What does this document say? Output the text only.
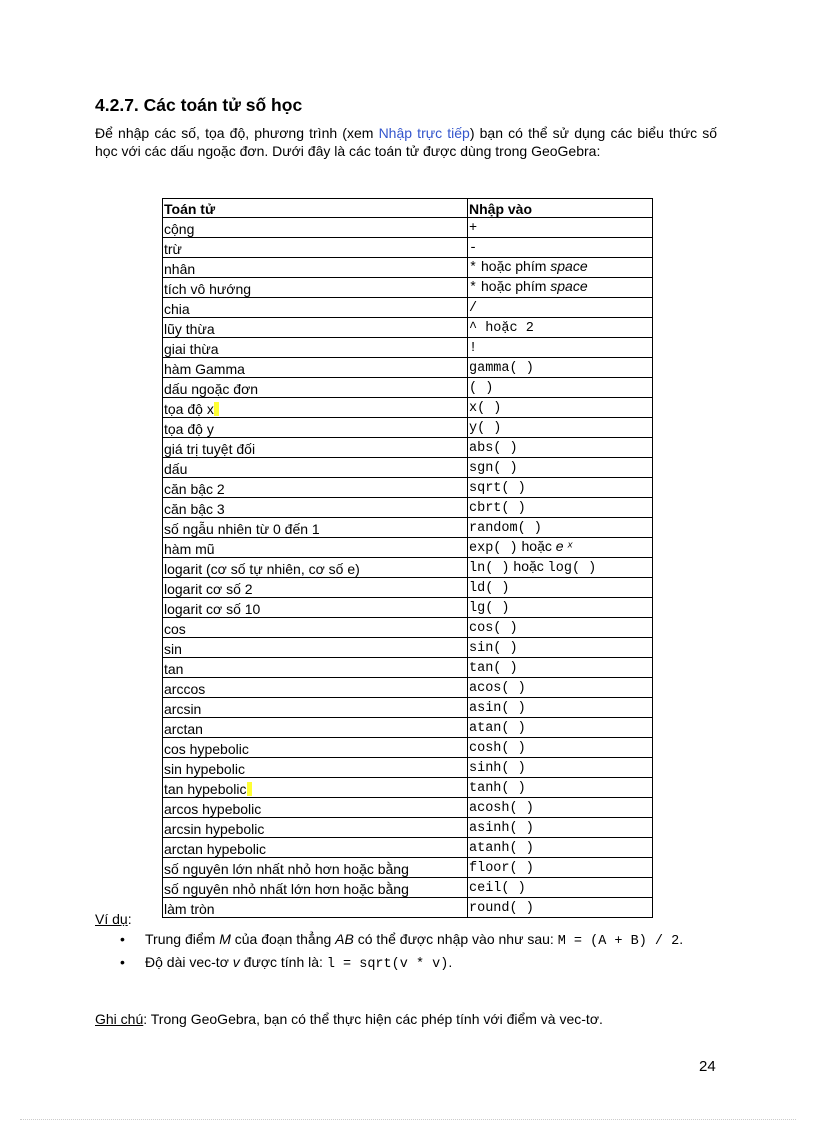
4.2.7. Các toán tử số học

Để nhập các số, tọa độ, phương trình (xem Nhập trực tiếp) bạn có thể sử dụng các biểu thức số học với các dấu ngoặc đơn. Dưới đây là các toán tử được dùng trong GeoGebra:

Toán tử	Nhập vào
cộng	+
trừ	-
nhân	* hoặc phím space
tích vô hướng	* hoặc phím space
chia	/
lũy thừa	^ hoặc 2
giai thừa	!
hàm Gamma	gamma( )
dấu ngoặc đơn	( )
tọa độ x	x( )
tọa độ y	y( )
giá trị tuyệt đối	abs( )
dấu	sgn( )
căn bậc 2	sqrt( )
căn bậc 3	cbrt( )
số ngẫu nhiên từ 0 đến 1	random( )
hàm mũ	exp( ) hoặc e ˣ
logarit (cơ số tự nhiên, cơ số e)	ln( ) hoặc log( )
logarit cơ số 2	ld( )
logarit cơ số 10	lg( )
cos	cos( )
sin	sin( )
tan	tan( )
arccos	acos( )
arcsin	asin( )
arctan	atan( )
cos hypebolic	cosh( )
sin hypebolic	sinh( )
tan hypebolic	tanh( )
arcos hypebolic	acosh( )
arcsin hypebolic	asinh( )
arctan hypebolic	atanh( )
số nguyên lớn nhất nhỏ hơn hoặc bằng	floor( )
số nguyên nhỏ nhất lớn hơn hoặc bằng	ceil( )
làm tròn	round( )

Ví dụ:

• Trung điểm M của đoạn thẳng AB có thể được nhập vào như sau: M = (A + B) / 2.
• Độ dài vec-tơ v được tính là: l = sqrt(v * v).

Ghi chú: Trong GeoGebra, bạn có thể thực hiện các phép tính với điểm và vec-tơ.

24
